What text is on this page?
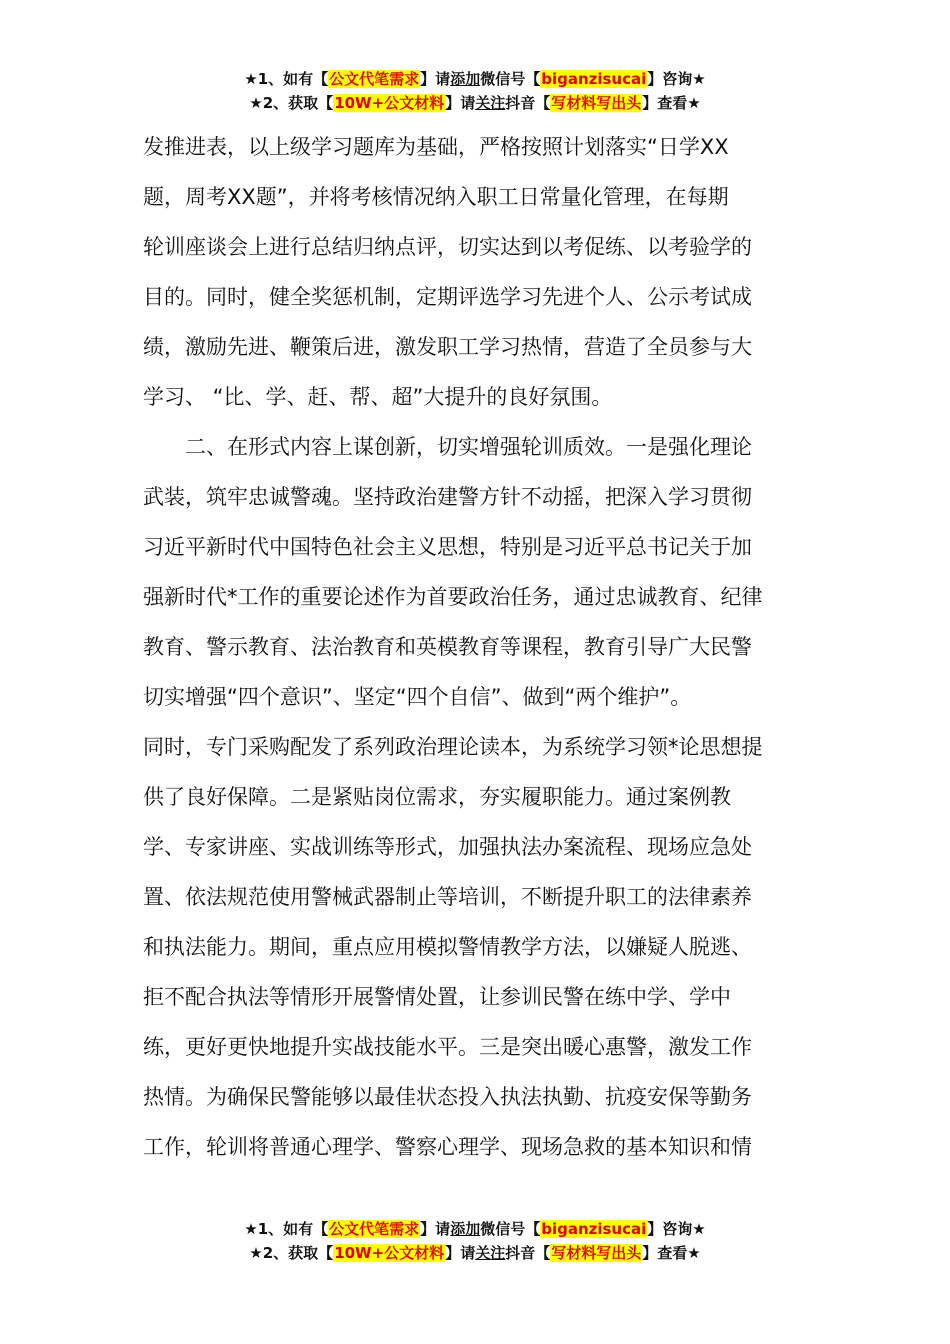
★1、如有【公文代笔需求】请添加微信号【biganzisucai】咨询★
★2、获取【10W+公文材料】请关注抖音【写材料写出头】查看★
发推进表，以上级学习题库为基础，严格按照计划落实“日学XX
题，周考XX题”，并将考核情况纳入职工日常量化管理，在每期
轮训座谈会上进行总结归纳点评，切实达到以考促练、以考验学的
目的。同时，健全奖惩机制，定期评选学习先进个人、公示考试成
绩，激励先进、鞭策后进，激发职工学习热情，营造了全员参与大
学习、 “比、学、赶、帮、超”大提升的良好氛围。
二、在形式内容上谋创新，切实增强轮训质效。一是强化理论
武装，筑牢忠诚警魂。坚持政治建警方针不动摇，把深入学习贯彻
习近平新时代中国特色社会主义思想，特别是习近平总书记关于加
强新时代*工作的重要论述作为首要政治任务，通过忠诚教育、纪律
教育、警示教育、法治教育和英模教育等课程，教育引导广大民警
切实增强“四个意识”、坚定“四个自信”、做到“两个维护”。
同时，专门采购配发了系列政治理论读本，为系统学习领*论思想提
供了良好保障。二是紧贴岗位需求，夯实履职能力。通过案例教
学、专家讲座、实战训练等形式，加强执法办案流程、现场应急处
置、依法规范使用警械武器制止等培训，不断提升职工的法律素养
和执法能力。期间，重点应用模拟警情教学方法，以嫌疑人脱逃、
拒不配合执法等情形开展警情处置，让参训民警在练中学、学中
练，更好更快地提升实战技能水平。三是突出暖心惠警，激发工作
热情。为确保民警能够以最佳状态投入执法执勤、抗疫安保等勤务
工作，轮训将普通心理学、警察心理学、现场急救的基本知识和情
★1、如有【公文代笔需求】请添加微信号【biganzisucai】咨询★
★2、获取【10W+公文材料】请关注抖音【写材料写出头】查看★
